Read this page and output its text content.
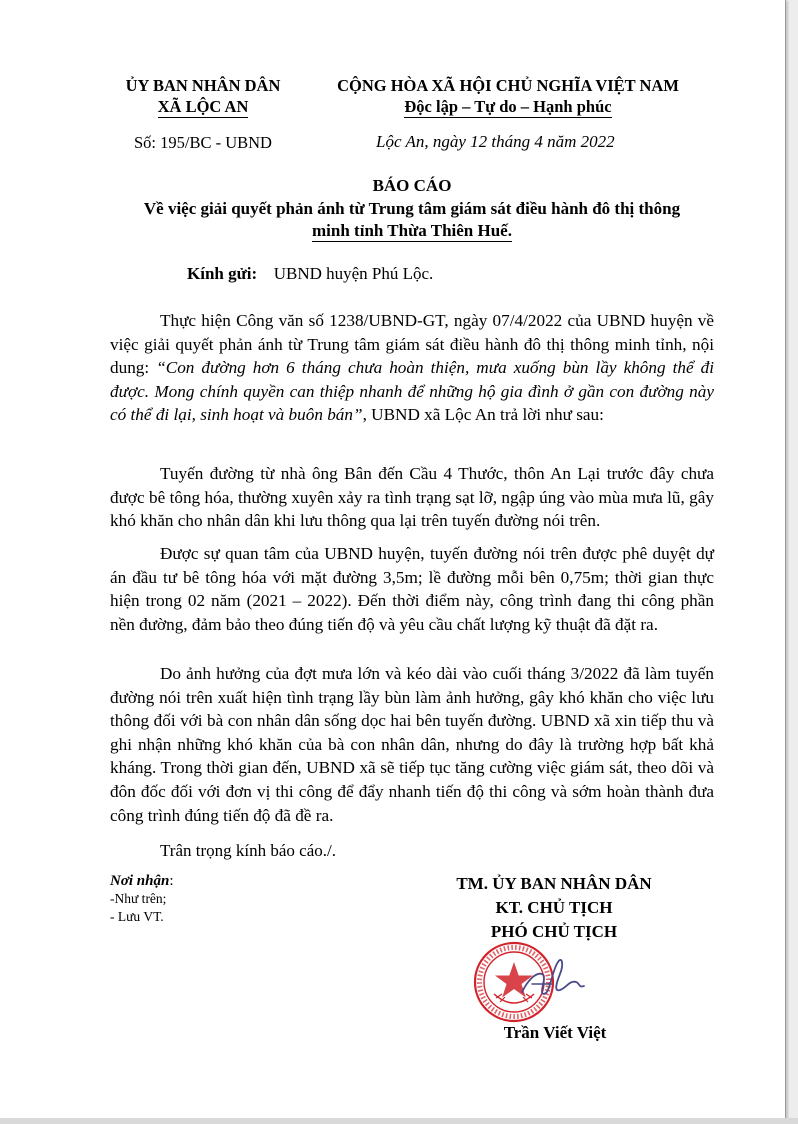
ỦY BAN NHÂN DÂN
XÃ LỘC AN
CỘNG HÒA XÃ HỘI CHỦ NGHĨA VIỆT NAM
Độc lập – Tự do – Hạnh phúc
Số: 195/BC - UBND	Lộc An, ngày 12 tháng 4 năm 2022
BÁO CÁO
Về việc giải quyết phản ánh từ Trung tâm giám sát điều hành đô thị thông
minh tỉnh Thừa Thiên Huế.
Kính gửi: UBND huyện Phú Lộc.
Thực hiện Công văn số 1238/UBND-GT, ngày 07/4/2022 của UBND huyện về việc giải quyết phản ánh từ Trung tâm giám sát điều hành đô thị thông minh tỉnh, nội dung: “Con đường hơn 6 tháng chưa hoàn thiện, mưa xuống bùn lầy không thể đi được. Mong chính quyền can thiệp nhanh để những hộ gia đình ở gần con đường này có thể đi lại, sinh hoạt và buôn bán”, UBND xã Lộc An trả lời như sau:
Tuyến đường từ nhà ông Bân đến Cầu 4 Thước, thôn An Lại trước đây chưa được bê tông hóa, thường xuyên xảy ra tình trạng sạt lỡ, ngập úng vào mùa mưa lũ, gây khó khăn cho nhân dân khi lưu thông qua lại trên tuyến đường nói trên.
Được sự quan tâm của UBND huyện, tuyến đường nói trên được phê duyệt dự án đầu tư bê tông hóa với mặt đường 3,5m; lề đường mỗi bên 0,75m; thời gian thực hiện trong 02 năm (2021 – 2022). Đến thời điểm này, công trình đang thi công phần nền đường, đảm bảo theo đúng tiến độ và yêu cầu chất lượng kỹ thuật đã đặt ra.
Do ảnh hưởng của đợt mưa lớn và kéo dài vào cuối tháng 3/2022 đã làm tuyến đường nói trên xuất hiện tình trạng lầy bùn làm ảnh hưởng, gây khó khăn cho việc lưu thông đối với bà con nhân dân sống dọc hai bên tuyến đường. UBND xã xin tiếp thu và ghi nhận những khó khăn của bà con nhân dân, nhưng do đây là trường hợp bất khả kháng. Trong thời gian đến, UBND xã sẽ tiếp tục tăng cường việc giám sát, theo dõi và đôn đốc đối với đơn vị thi công để đẩy nhanh tiến độ thi công và sớm hoàn thành đưa công trình đúng tiến độ đã đề ra.
Trân trọng kính báo cáo./.
Nơi nhận:
-Như trên;
- Lưu VT.
TM. ỦY BAN NHÂN DÂN
KT. CHỦ TỊCH
PHÓ CHỦ TỊCH
Trần Viết Việt
